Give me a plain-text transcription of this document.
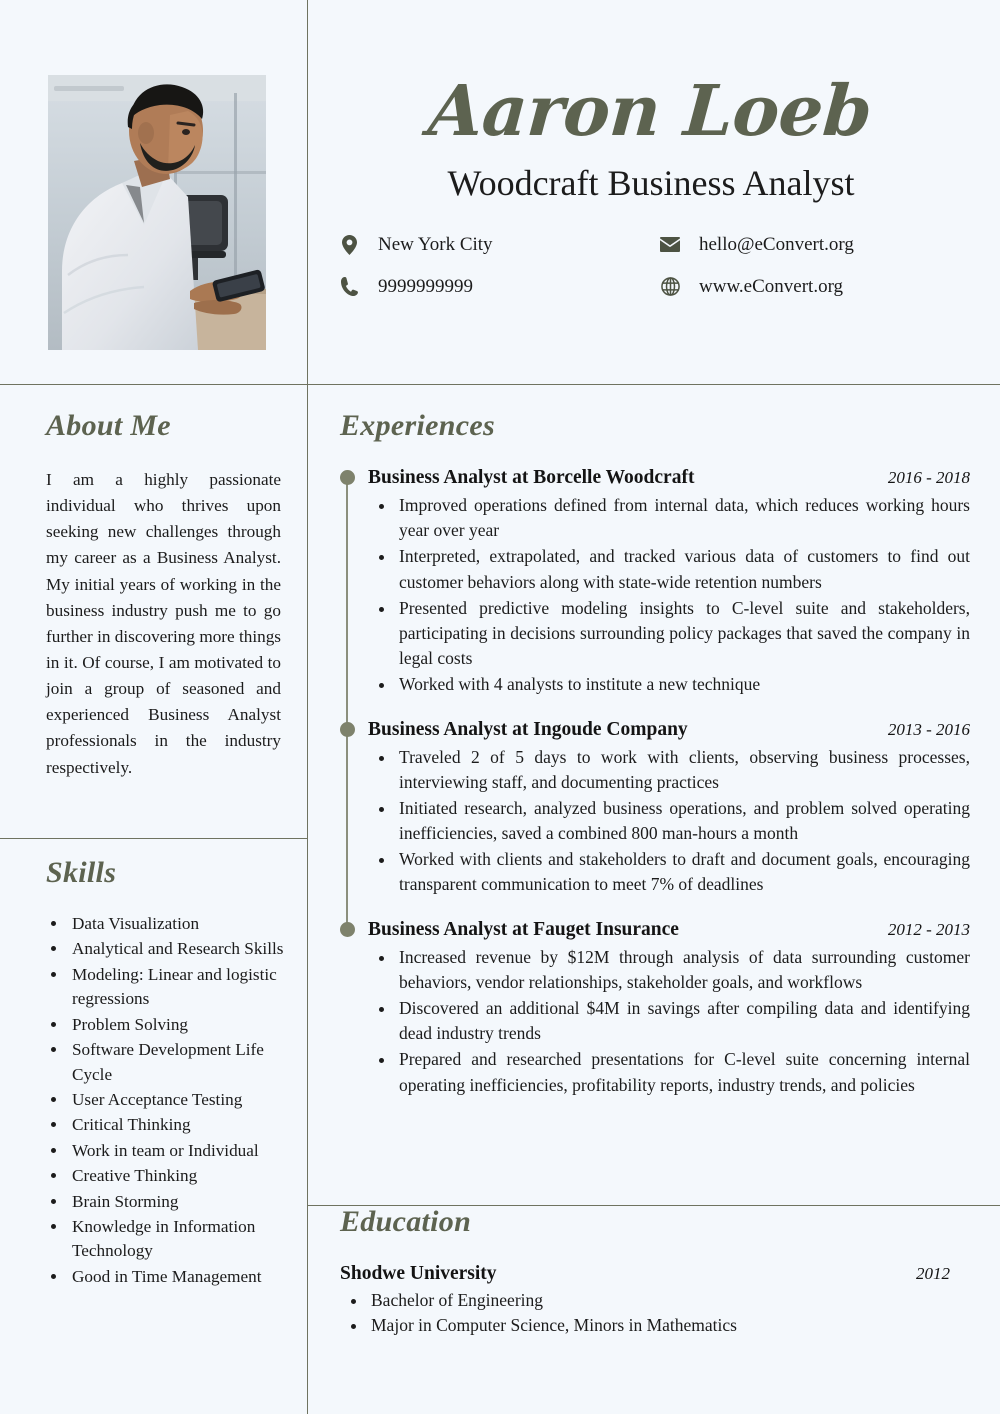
Aaron Loeb
Woodcraft Business Analyst
New York City	hello@eConvert.org
9999999999	www.eConvert.org
About Me
I am a highly passionate individual who thrives upon seeking new challenges through my career as a Business Analyst. My initial years of working in the business industry push me to go further in discovering more things in it. Of course, I am motivated to join a group of seasoned and experienced Business Analyst professionals in the industry respectively.
Skills
• Data Visualization
• Analytical and Research Skills
• Modeling: Linear and logistic regressions
• Problem Solving
• Software Development Life Cycle
• User Acceptance Testing
• Critical Thinking
• Work in team or Individual
• Creative Thinking
• Brain Storming
• Knowledge in Information Technology
• Good in Time Management
Experiences
Business Analyst at Borcelle Woodcraft	2016 - 2018
• Improved operations defined from internal data, which reduces working hours year over year
• Interpreted, extrapolated, and tracked various data of customers to find out customer behaviors along with state-wide retention numbers
• Presented predictive modeling insights to C-level suite and stakeholders, participating in decisions surrounding policy packages that saved the company in legal costs
• Worked with 4 analysts to institute a new technique
Business Analyst at Ingoude Company	2013 - 2016
• Traveled 2 of 5 days to work with clients, observing business processes, interviewing staff, and documenting practices
• Initiated research, analyzed business operations, and problem solved operating inefficiencies, saved a combined 800 man-hours a month
• Worked with clients and stakeholders to draft and document goals, encouraging transparent communication to meet 7% of deadlines
Business Analyst at Fauget Insurance	2012 - 2013
• Increased revenue by $12M through analysis of data surrounding customer behaviors, vendor relationships, stakeholder goals, and workflows
• Discovered an additional $4M in savings after compiling data and identifying dead industry trends
• Prepared and researched presentations for C-level suite concerning internal operating inefficiencies, profitability reports, industry trends, and policies
Education
Shodwe University	2012
• Bachelor of Engineering
• Major in Computer Science, Minors in Mathematics
